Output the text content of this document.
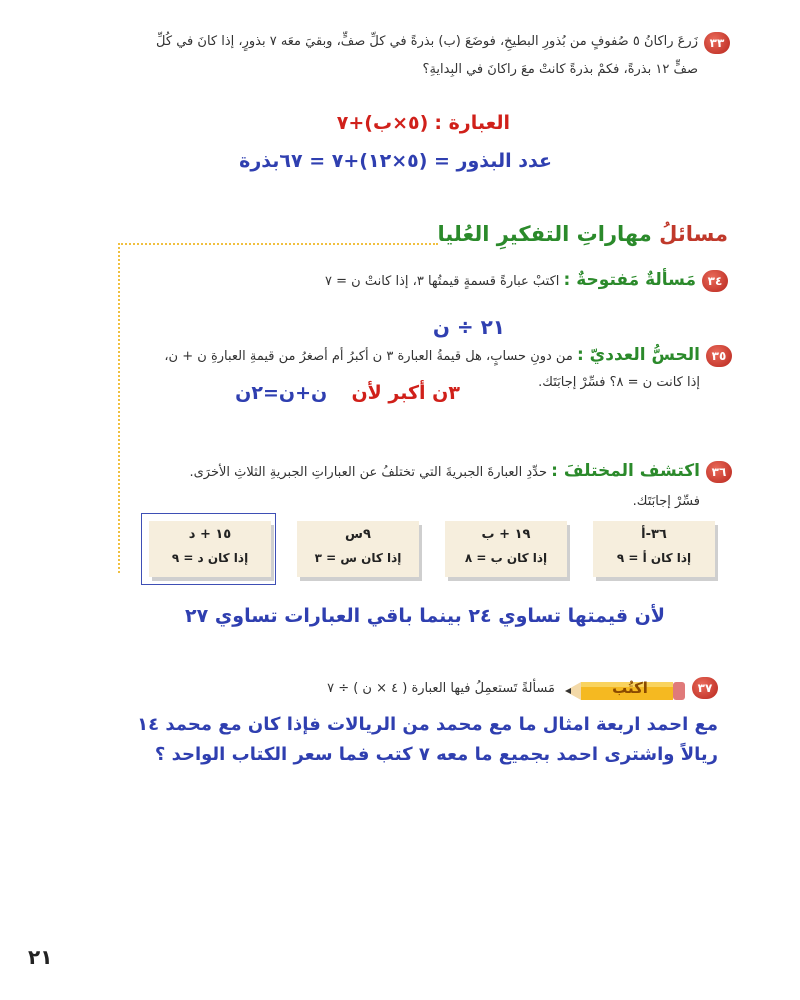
٣٣
زَرعَ راكانُ ٥ صُفوفٍ من بُذورِ البطيخِ، فوضَعَ (ب) بذرةً في كلِّ صفٍّ، وبقيَ معَه ٧ بذورٍ، إذا كانَ في كُلِّ
صفٍّ ١٢ بذرةً، فكمْ بذرةً كانتْ معَ راكانَ في البِدايةِ؟
العبارة : (٥×ب)+٧
عدد البذور = (٥×١٢)+٧ = ٦٧بذرة
مسائلُ مهاراتِ التفكيرِ العُليا
٣٤
مَسألةٌ مَفتوحةٌ : اكتبْ عبارةً قسمةٍ قيمتُها ٣، إذا كانتْ ن = ٧
٢١ ÷ ن
٣٥
الحسُّ العدديّ : من دونِ حسابٍ، هل قيمةُ العبارة ٣ ن أكبرُ أم أصغرُ من قيمةِ العبارةِ ن + ن،
إذا كانت ن = ٨؟ فسِّرْ إجابَتَك.
٣ن أكبر لأن    ن+ن=٢ن
٣٦
اكتشف المختلفَ : حدِّدِ العبارةَ الجبريةَ التي تختلفُ عن العباراتِ الجبريةِ الثلاثِ الأخرَى.
فسِّرْ إجابَتَك.
٣٦-أ
إذا كان أ = ٩
١٩ + ب
إذا كان ب = ٨
٩س
إذا كان س = ٣
١٥ + د
إذا كان د = ٩
لأن قيمتها تساوي ٢٤ بينما باقي العبارات تساوي ٢٧
٣٧
اكتُب
مَسألةً تَستعمِلُ فيها العبارة ( ٤ × ن ) ÷ ٧
مع احمد اربعة امثال ما مع محمد من الريالات فإذا كان مع محمد ١٤
ريالاً واشترى احمد بجميع ما معه ٧ كتب فما سعر الكتاب الواحد ؟
٢١
